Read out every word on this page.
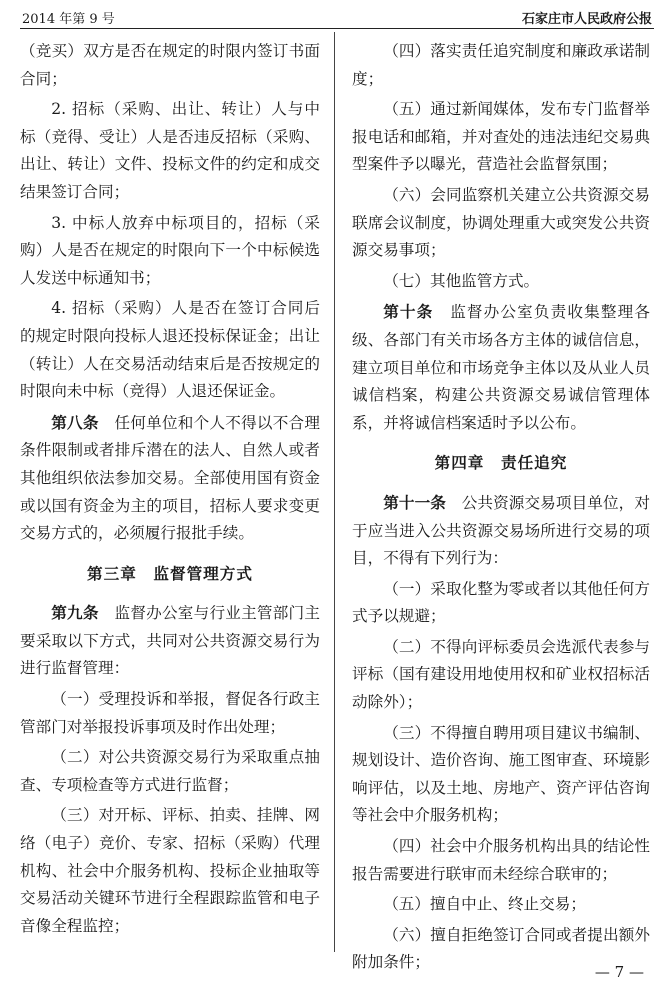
2014 年第 9 号	石家庄市人民政府公报
（竞买）双方是否在规定的时限内签订书面合同；
2. 招标（采购、出让、转让）人与中标（竞得、受让）人是否违反招标（采购、出让、转让）文件、投标文件的约定和成交结果签订合同；
3. 中标人放弃中标项目的，招标（采购）人是否在规定的时限向下一个中标候选人发送中标通知书；
4. 招标（采购）人是否在签订合同后的规定时限向投标人退还投标保证金；出让（转让）人在交易活动结束后是否按规定的时限向未中标（竞得）人退还保证金。
第八条　 任何单位和个人不得以不合理条件限制或者排斥潜在的法人、自然人或者其他组织依法参加交易。全部使用国有资金或以国有资金为主的项目，招标人要求变更交易方式的，必须履行报批手续。
第三章　监督管理方式
第九条　 监督办公室与行业主管部门主要采取以下方式，共同对公共资源交易行为进行监督管理：
（一）受理投诉和举报，督促各行政主管部门对举报投诉事项及时作出处理；
（二）对公共资源交易行为采取重点抽查、专项检查等方式进行监督；
（三）对开标、评标、拍卖、挂牌、网络（电子）竞价、专家、招标（采购）代理机构、社会中介服务机构、投标企业抽取等交易活动关键环节进行全程跟踪监管和电子音像全程监控；
（四）落实责任追究制度和廉政承诺制度；
（五）通过新闻媒体，发布专门监督举报电话和邮箱，并对查处的违法违纪交易典型案件予以曝光，营造社会监督氛围；
（六）会同监察机关建立公共资源交易联席会议制度，协调处理重大或突发公共资源交易事项；
（七）其他监管方式。
第十条　 监督办公室负责收集整理各级、各部门有关市场各方主体的诚信信息，建立项目单位和市场竞争主体以及从业人员诚信档案，构建公共资源交易诚信管理体系，并将诚信档案适时予以公布。
第四章　责任追究
第十一条　 公共资源交易项目单位，对于应当进入公共资源交易场所进行交易的项目，不得有下列行为：
（一）采取化整为零或者以其他任何方式予以规避；
（二）不得向评标委员会选派代表参与评标（国有建设用地使用权和矿业权招标活动除外）；
（三）不得擅自聘用项目建议书编制、规划设计、造价咨询、施工图审查、环境影响评估，以及土地、房地产、资产评估咨询等社会中介服务机构；
（四）社会中介服务机构出具的结论性报告需要进行联审而未经综合联审的；
（五）擅自中止、终止交易；
（六）擅自拒绝签订合同或者提出额外附加条件；
— 7 —
